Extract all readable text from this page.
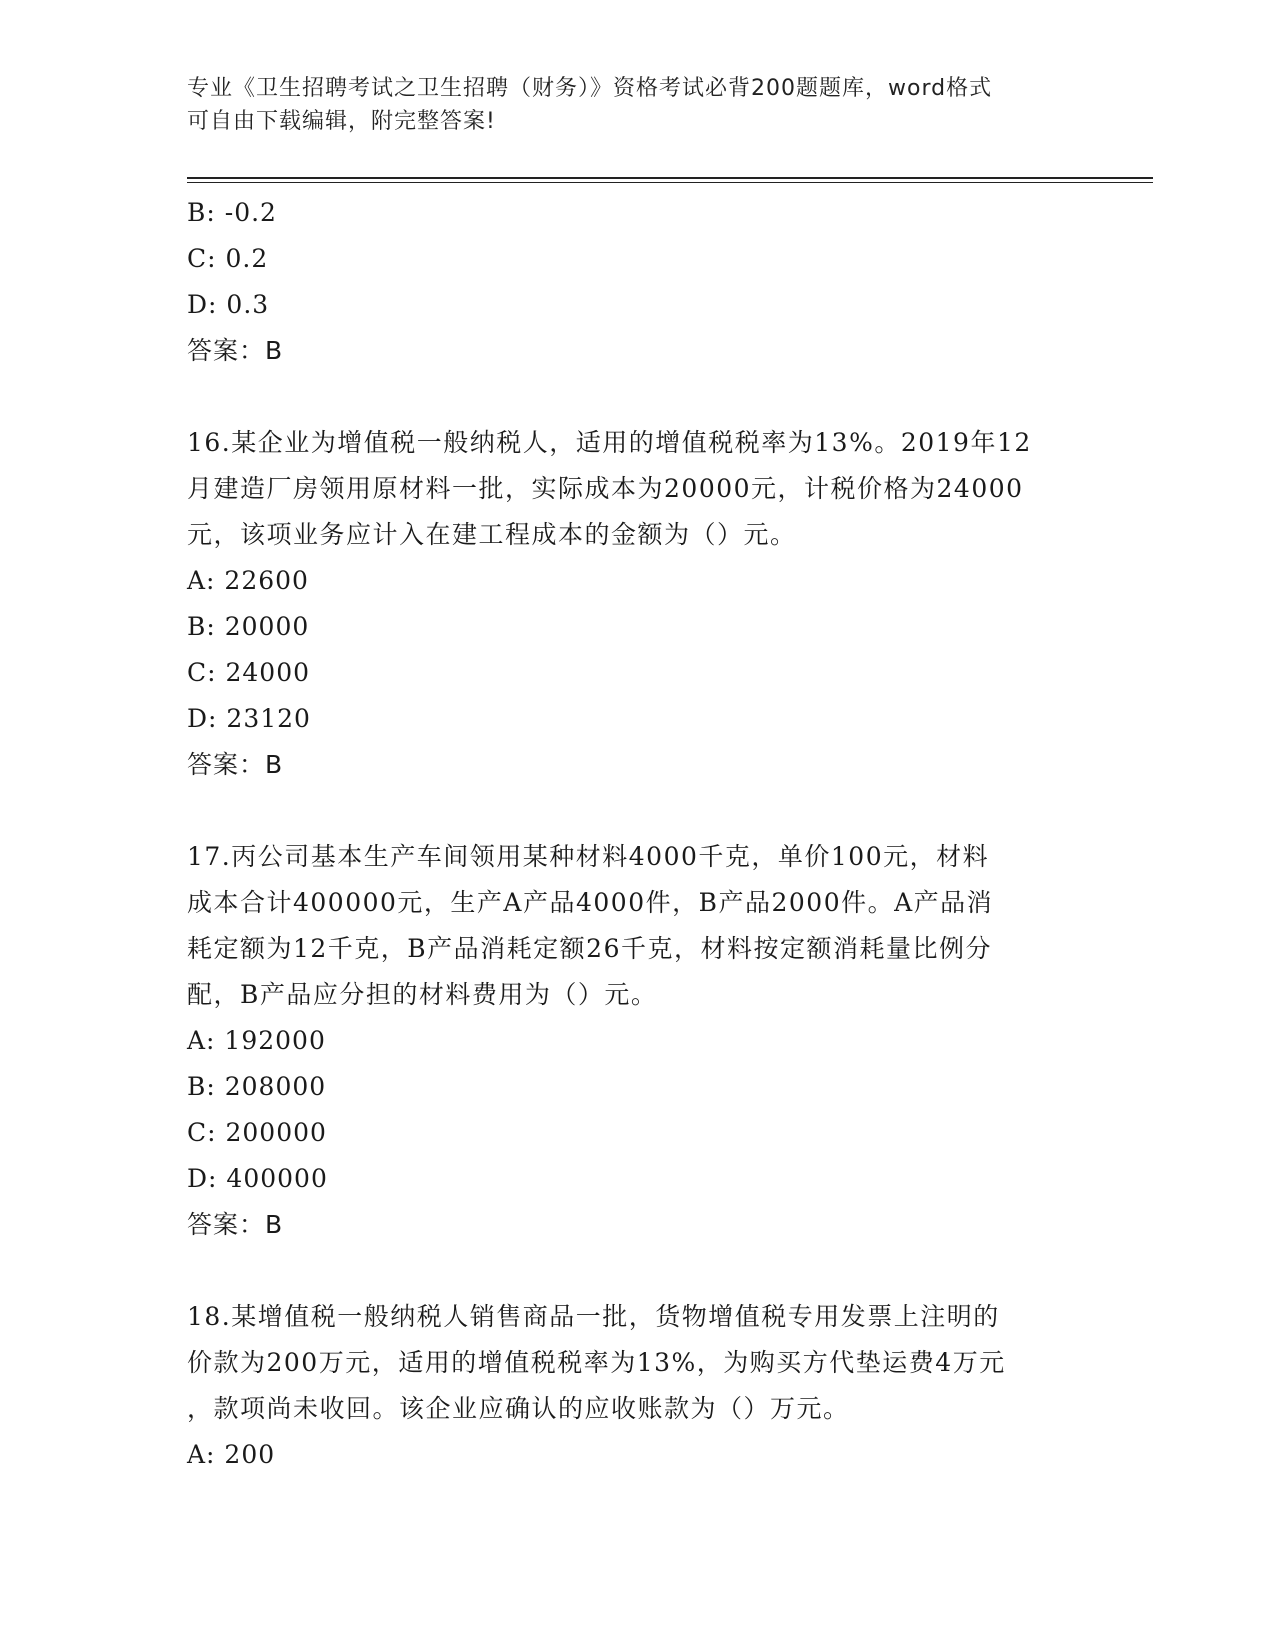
专业《卫生招聘考试之卫生招聘（财务）》资格考试必背200题题库，word格式
可自由下载编辑，附完整答案!
B: -0.2
C: 0.2
D: 0.3
答案：B
16.某企业为增值税一般纳税人，适用的增值税税率为13%。2019年12
月建造厂房领用原材料一批，实际成本为20000元，计税价格为24000
元，该项业务应计入在建工程成本的金额为（）元。
A: 22600
B: 20000
C: 24000
D: 23120
答案：B
17.丙公司基本生产车间领用某种材料4000千克，单价100元，材料
成本合计400000元，生产A产品4000件，B产品2000件。A产品消
耗定额为12千克，B产品消耗定额26千克，材料按定额消耗量比例分
配，B产品应分担的材料费用为（）元。
A: 192000
B: 208000
C: 200000
D: 400000
答案：B
18.某增值税一般纳税人销售商品一批，货物增值税专用发票上注明的
价款为200万元，适用的增值税税率为13%，为购买方代垫运费4万元
，款项尚未收回。该企业应确认的应收账款为（）万元。
A: 200
